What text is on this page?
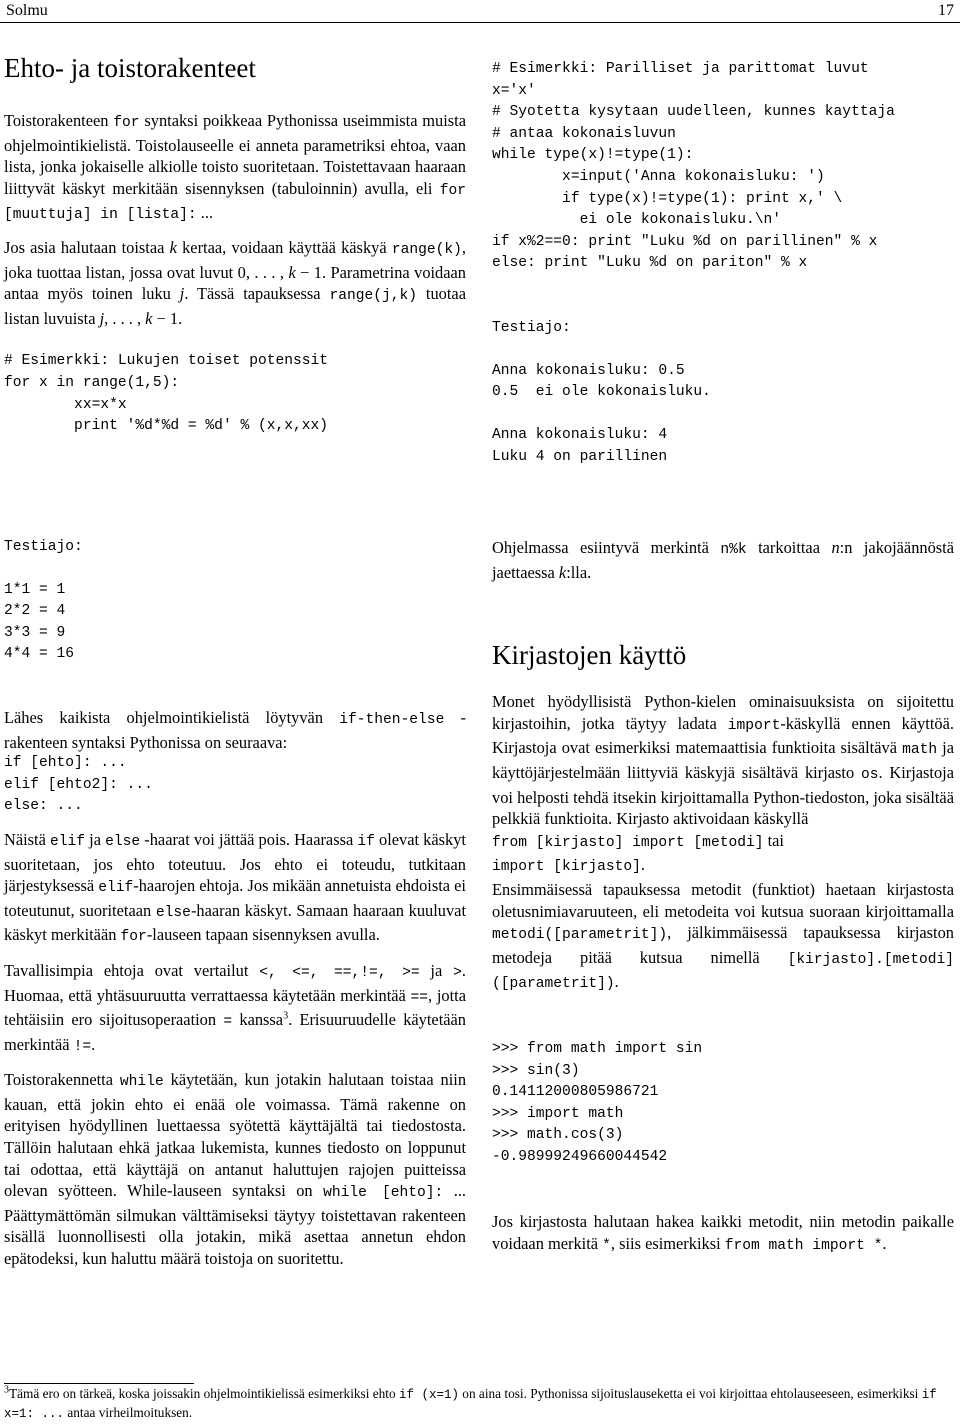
Solmu	17
Ehto- ja toistorakenteet

Toistorakenteen for syntaksi poikkeaa Pythonissa useimmista muista ohjelmointikielistä. Toistolauseelle ei anneta parametriksi ehtoa, vaan lista, jonka jokaiselle alkiolle toisto suoritetaan. Toistettavaan haaraan liittyvät käskyt merkitään sisennyksen (tabuloinnin) avulla, eli for [muuttuja] in [lista]: ...

Jos asia halutaan toistaa k kertaa, voidaan käyttää käskyä range(k), joka tuottaa listan, jossa ovat luvut 0, . . . , k − 1. Parametrina voidaan antaa myös toinen luku j. Tässä tapauksessa range(j,k) tuotaa listan luvuista j, . . . , k − 1.

# Esimerkki: Lukujen toiset potenssit
for x in range(1,5):
xx=x*x
print '%d*%d = %d' % (x,x,xx)
# Esimerkki: Parilliset ja parittomat luvut
x='x'
# Syotetta kysytaan uudelleen, kunnes kayttaja
# antaa kokonaisluvun
while type(x)!=type(1):
x=input('Anna kokonaisluku: ')
if type(x)!=type(1): print x,' \
ei ole kokonaisluku.\n'
if x%2==0: print "Luku %d on parillinen" % x
else: print "Luku %d on pariton" % x
Testiajo:
Anna kokonaisluku: 0.5
0.5  ei ole kokonaisluku.

Anna kokonaisluku: 4
Luku 4 on parillinen
Testiajo:
1*1 = 1
2*2 = 4
3*3 = 9
4*4 = 16

Lähes kaikista ohjelmointikielistä löytyvän if-then-else -rakenteen syntaksi Pythonissa on seuraava:

if [ehto]: ...
elif [ehto2]: ...
else: ...

Näistä elif ja else -haarat voi jättää pois. Haarassa if olevat käskyt suoritetaan, jos ehto toteutuu. Jos ehto ei toteudu, tutkitaan järjestyksessä elif-haarojen ehtoja. Jos mikään annetuista ehdoista ei toteutunut, suoritetaan else-haaran käskyt. Samaan haaraan kuuluvat käskyt merkitään for-lauseen tapaan sisennyksen avulla.

Tavallisimpia ehtoja ovat vertailut <, <=, ==,!=, >= ja >. Huomaa, että yhtäsuuruutta verrattaessa käytetään merkintää ==, jotta tehtäisiin ero sijoitusoperaation = kanssa$^3$. Erisuuruudelle käytetään merkintää !=.

Toistorakennetta while käytetään, kun jotakin halutaan toistaa niin kauan, että jokin ehto ei enää ole voimassa. Tämä rakenne on erityisen hyödyllinen luettaessa syötettä käyttäjältä tai tiedostosta. Tällöin halutaan ehkä jatkaa lukemista, kunnes tiedosto on loppunut tai odottaa, että käyttäjä on antanut haluttujen rajojen puitteissa olevan syötteen. While-lauseen syntaksi on while [ehto]: ... Päättymättömän silmukan välttämiseksi täytyy toistettavan rakenteen sisällä luonnollisesti olla jotakin, mikä asettaa annetun ehdon epätodeksi, kun haluttu määrä toistoja on suoritettu.

Ohjelmassa esiintyvä merkintä n%k tarkoittaa n:n jakojäännöstä jaettaessa k:lla.

Kirjastojen käyttö

Monet hyödyllisistä Python-kielen ominaisuuksista on sijoitettu kirjastoihin, jotka täytyy ladata import-käskyllä ennen käyttöä. Kirjastoja ovat esimerkiksi matemaattisia funktioita sisältävä math ja käyttöjärjestelmään liittyviä käskyjä sisältävä kirjasto os. Kirjastoja voi helposti tehdä itsekin kirjoittamalla Python-tiedoston, joka sisältää pelkkiä funktioita. Kirjasto aktivoidaan käskyllä
from [kirjasto] import [metodi] tai
import [kirjasto].

Ensimmäisessä tapauksessa metodit (funktiot) haetaan kirjastosta oletusnimiavaruuteen, eli metodeita voi kutsua suoraan kirjoittamalla metodi([parametrit]), jälkimmäisessä tapauksessa kirjaston metodeja pitää kutsua nimellä [kirjasto].[metodi]([parametrit]).

>>> from math import sin
>>> sin(3)
0.14112000805986721
>>> import math
>>> math.cos(3)
-0.98999249660044542

Jos kirjastosta halutaan hakea kaikki metodit, niin metodin paikalle voidaan merkitä *, siis esimerkiksi from math import *.

$^3$Tämä ero on tärkeä, koska joissakin ohjelmointikielissä esimerkiksi ehto if (x=1) on aina tosi. Pythonissa sijoituslauseketta ei voi kirjoittaa ehtolauseeseen, esimerkiksi if x=1: ... antaa virheilmoituksen.
